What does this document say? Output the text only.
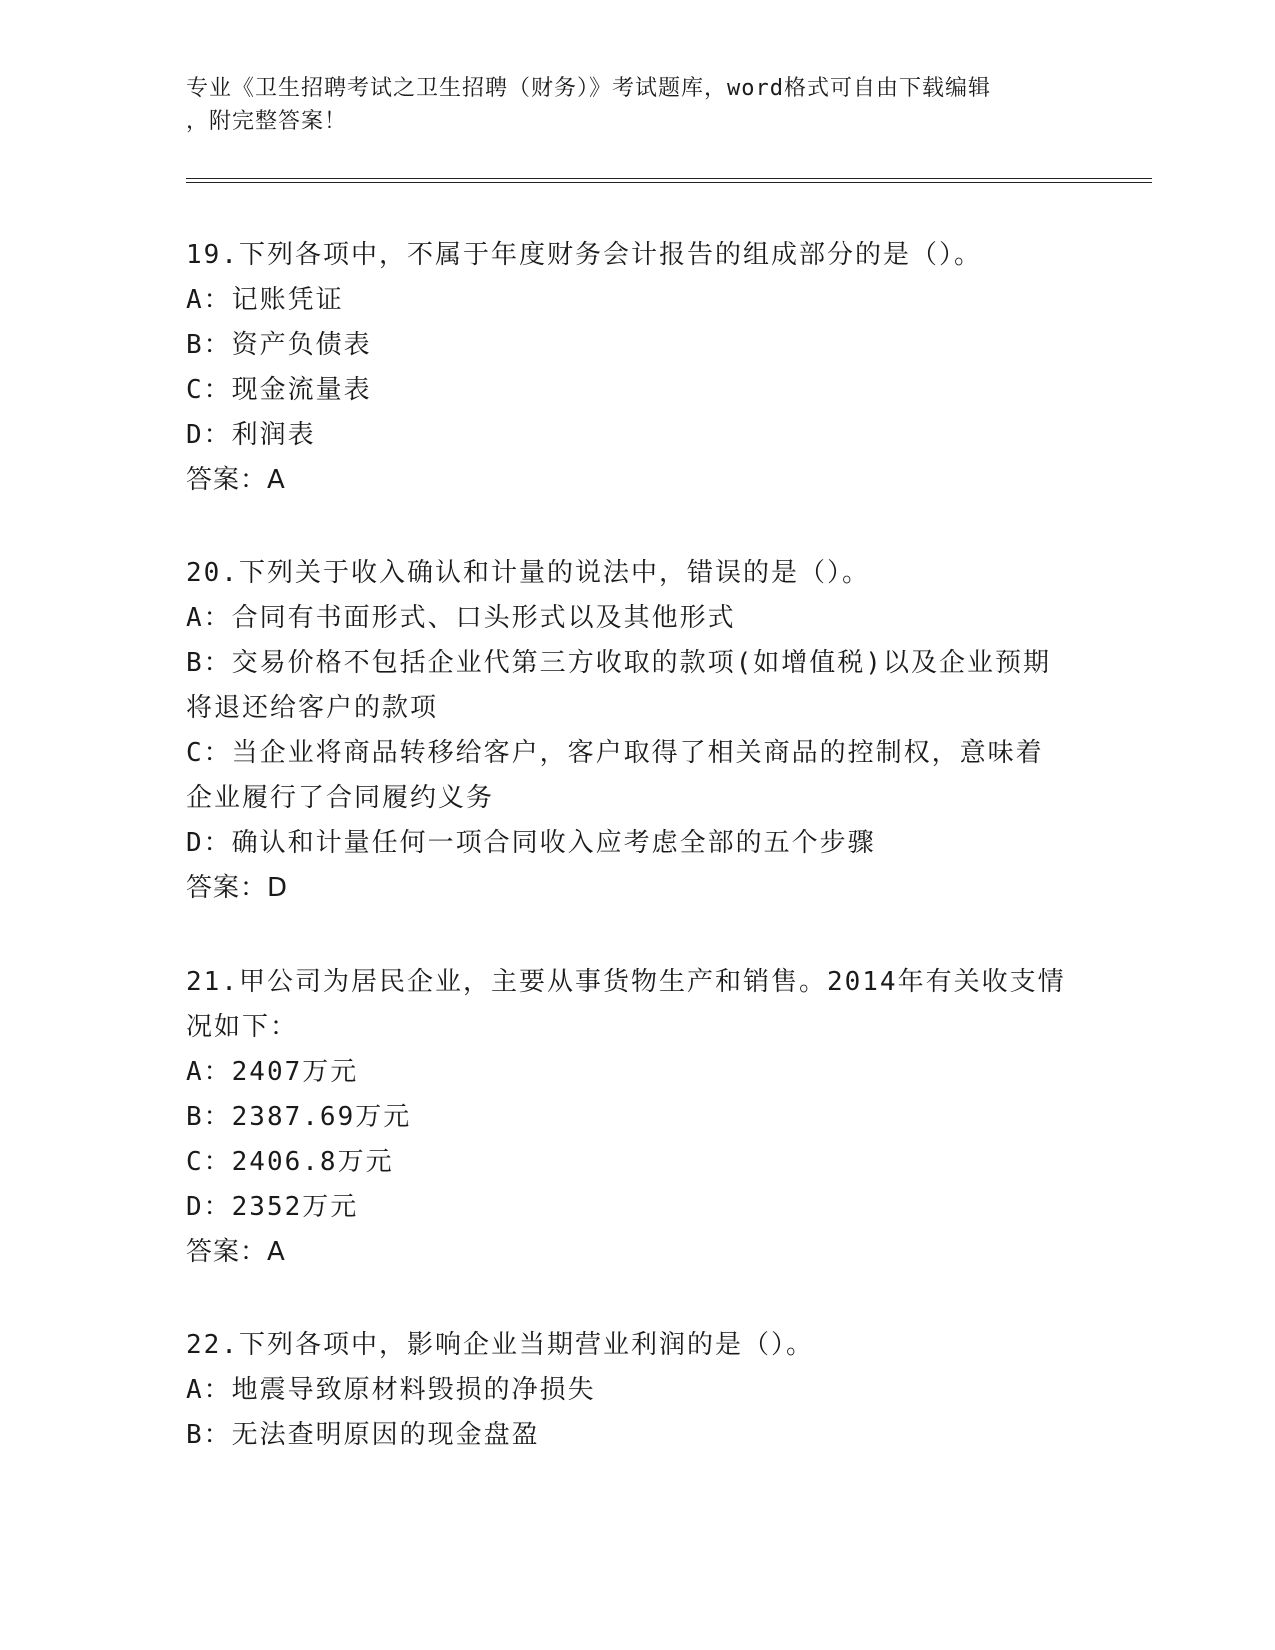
专业《卫生招聘考试之卫生招聘（财务）》考试题库，word格式可自由下载编辑
，附完整答案！
19.下列各项中，不属于年度财务会计报告的组成部分的是（）。
A：记账凭证
B：资产负债表
C：现金流量表
D：利润表
答案：A
20.下列关于收入确认和计量的说法中，错误的是（）。
A：合同有书面形式、口头形式以及其他形式
B：交易价格不包括企业代第三方收取的款项(如增值税)以及企业预期
将退还给客户的款项
C：当企业将商品转移给客户，客户取得了相关商品的控制权，意味着
企业履行了合同履约义务
D：确认和计量任何一项合同收入应考虑全部的五个步骤
答案：D
21.甲公司为居民企业，主要从事货物生产和销售。2014年有关收支情
况如下：
A：2407万元
B：2387.69万元
C：2406.8万元
D：2352万元
答案：A
22.下列各项中，影响企业当期营业利润的是（）。
A：地震导致原材料毁损的净损失
B：无法查明原因的现金盘盈
